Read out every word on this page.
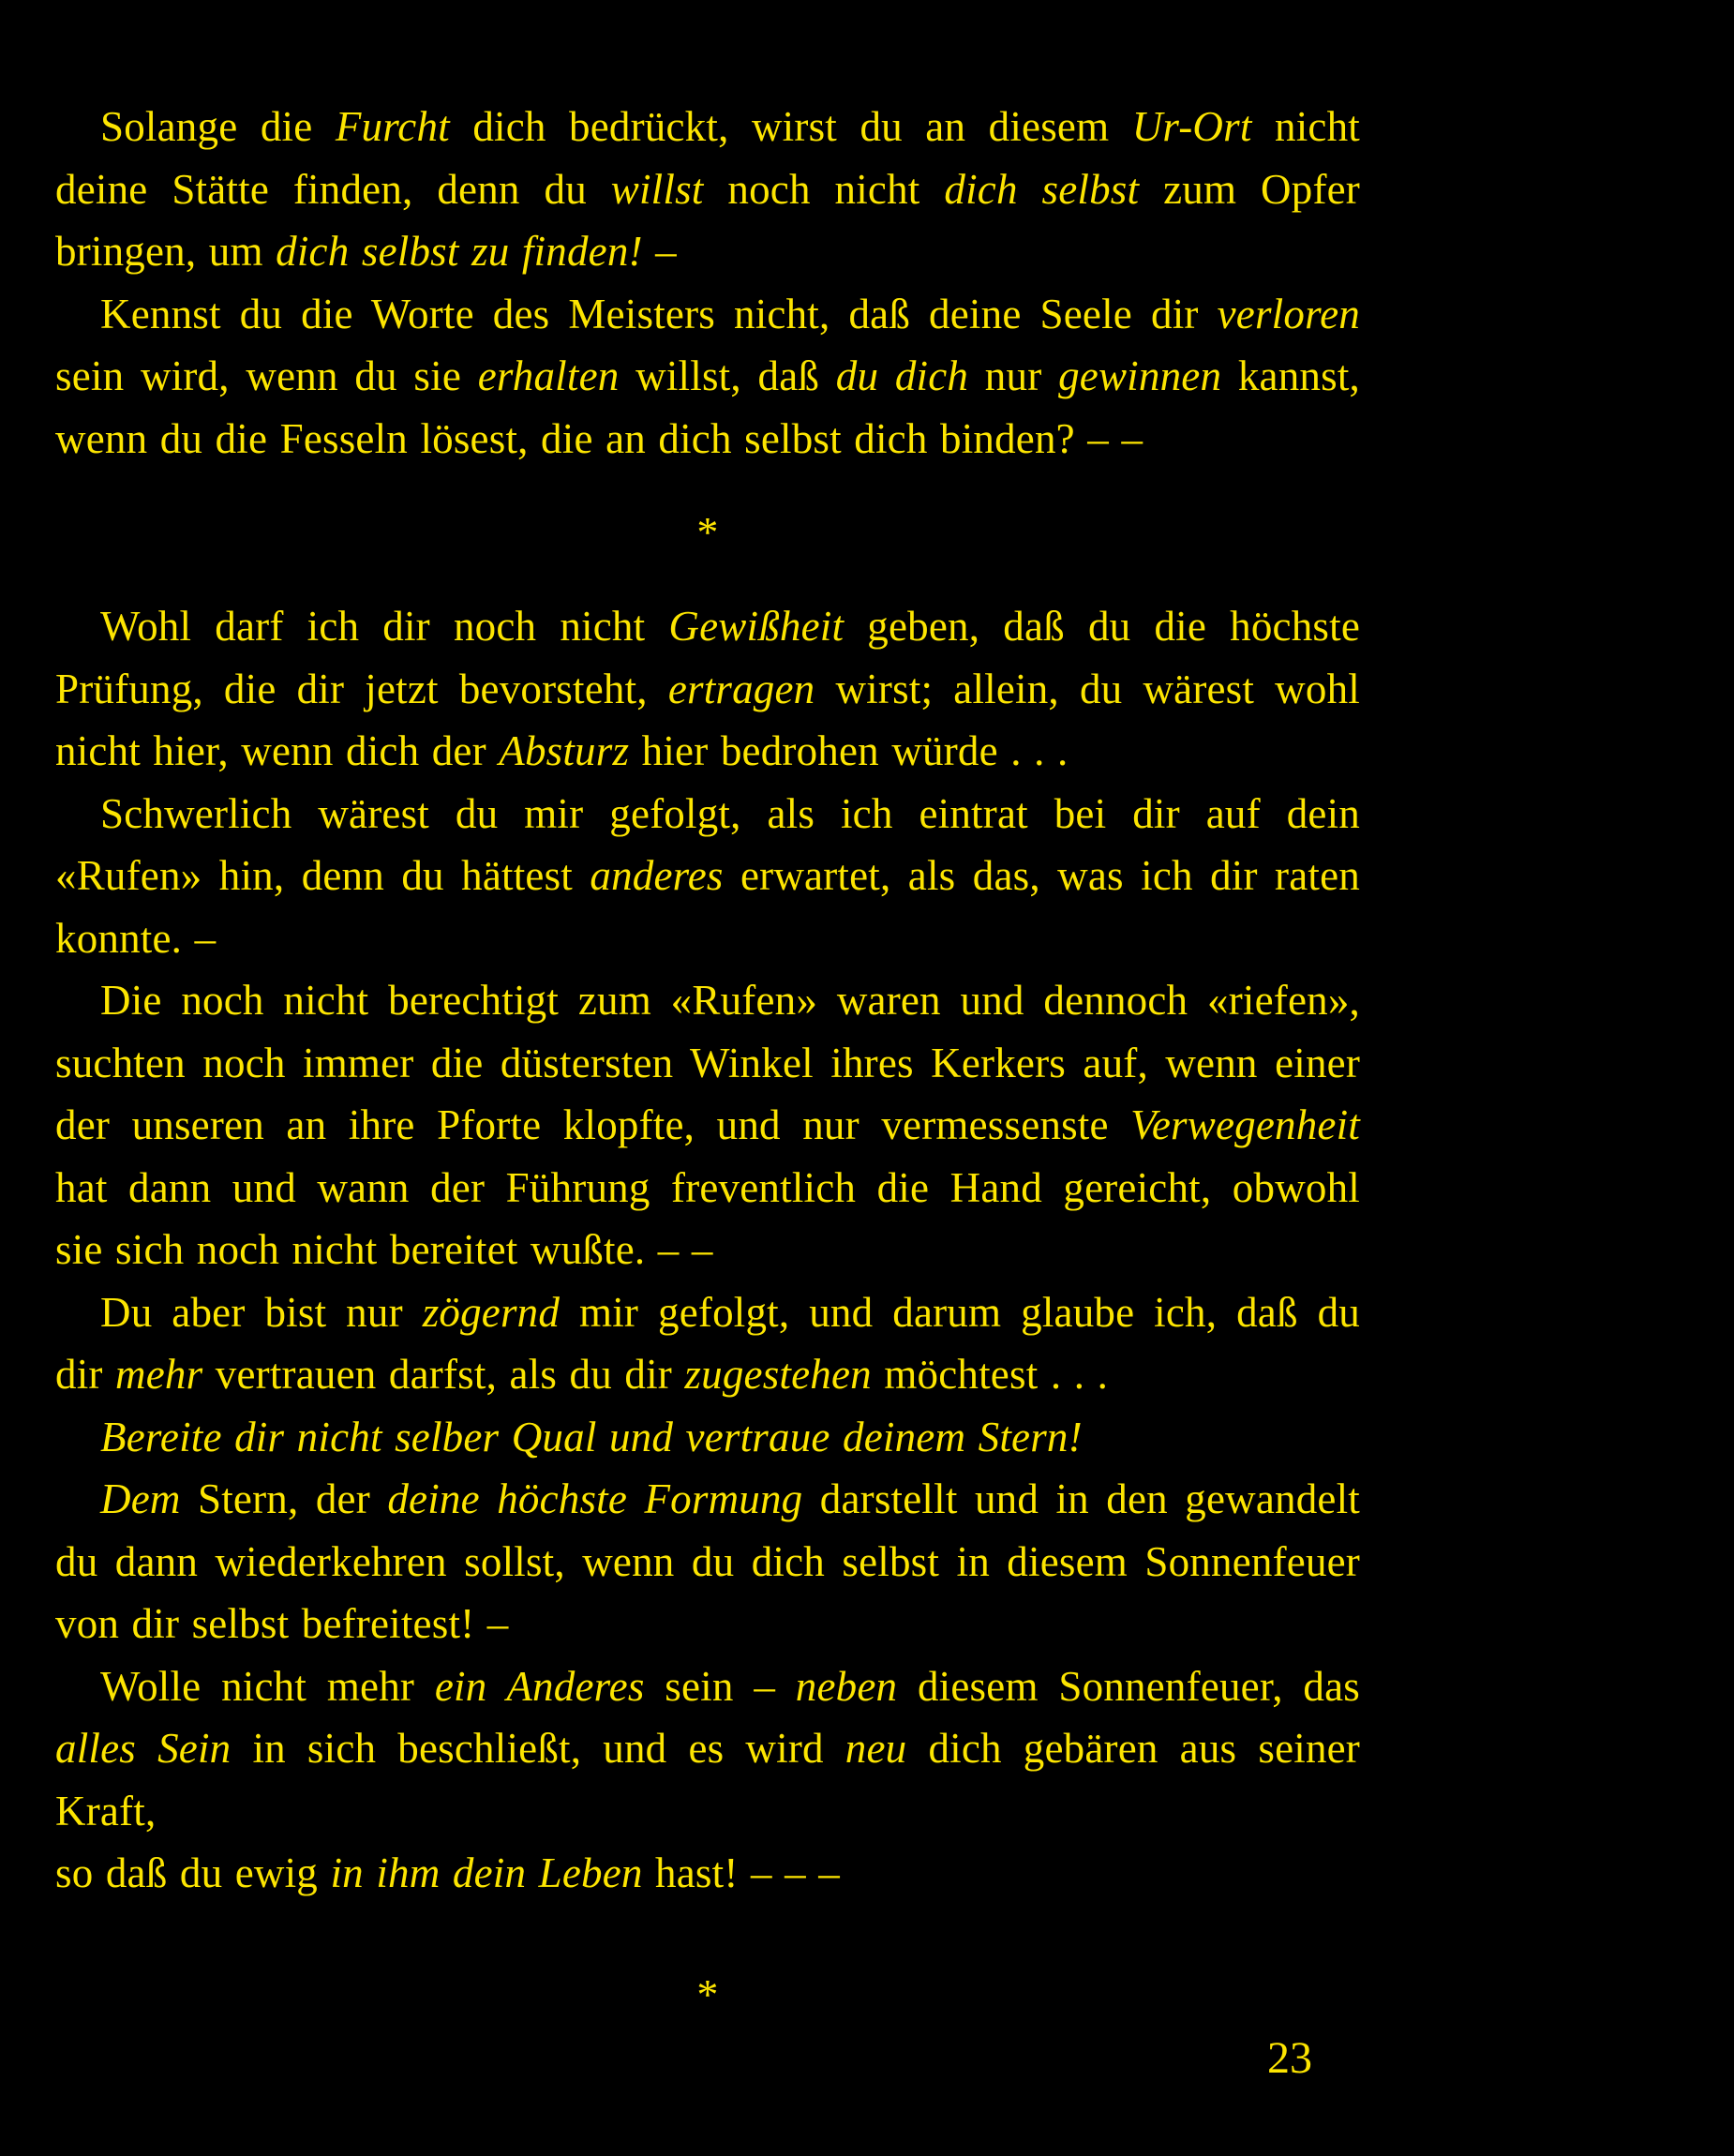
Solange die Furcht dich bedrückt, wirst du an diesem Ur-Ort nicht
deine Stätte finden, denn du willst noch nicht dich selbst zum Opfer
bringen, um dich selbst zu finden! –
Kennst du die Worte des Meisters nicht, daß deine Seele dir verloren
sein wird, wenn du sie erhalten willst, daß du dich nur gewinnen kannst,
wenn du die Fesseln lösest, die an dich selbst dich binden? – –
*
Wohl darf ich dir noch nicht Gewißheit geben, daß du die höchste
Prüfung, die dir jetzt bevorsteht, ertragen wirst; allein, du wärest wohl
nicht hier, wenn dich der Absturz hier bedrohen würde . . .
Schwerlich wärest du mir gefolgt, als ich eintrat bei dir auf dein
«Rufen» hin, denn du hättest anderes erwartet, als das, was ich dir raten
konnte. –
Die noch nicht berechtigt zum «Rufen» waren und dennoch «riefen»,
suchten noch immer die düstersten Winkel ihres Kerkers auf, wenn einer
der unseren an ihre Pforte klopfte, und nur vermessenste Verwegenheit
hat dann und wann der Führung freventlich die Hand gereicht, obwohl
sie sich noch nicht bereitet wußte. – –
Du aber bist nur zögernd mir gefolgt, und darum glaube ich, daß du
dir mehr vertrauen darfst, als du dir zugestehen möchtest . . .
Bereite dir nicht selber Qual und vertraue deinem Stern!
Dem Stern, der deine höchste Formung darstellt und in den gewandelt
du dann wiederkehren sollst, wenn du dich selbst in diesem Sonnenfeuer
von dir selbst befreitest! –
Wolle nicht mehr ein Anderes sein – neben diesem Sonnenfeuer, das
alles Sein in sich beschließt, und es wird neu dich gebären aus seiner Kraft,
so daß du ewig in ihm dein Leben hast! – – –
*
23
